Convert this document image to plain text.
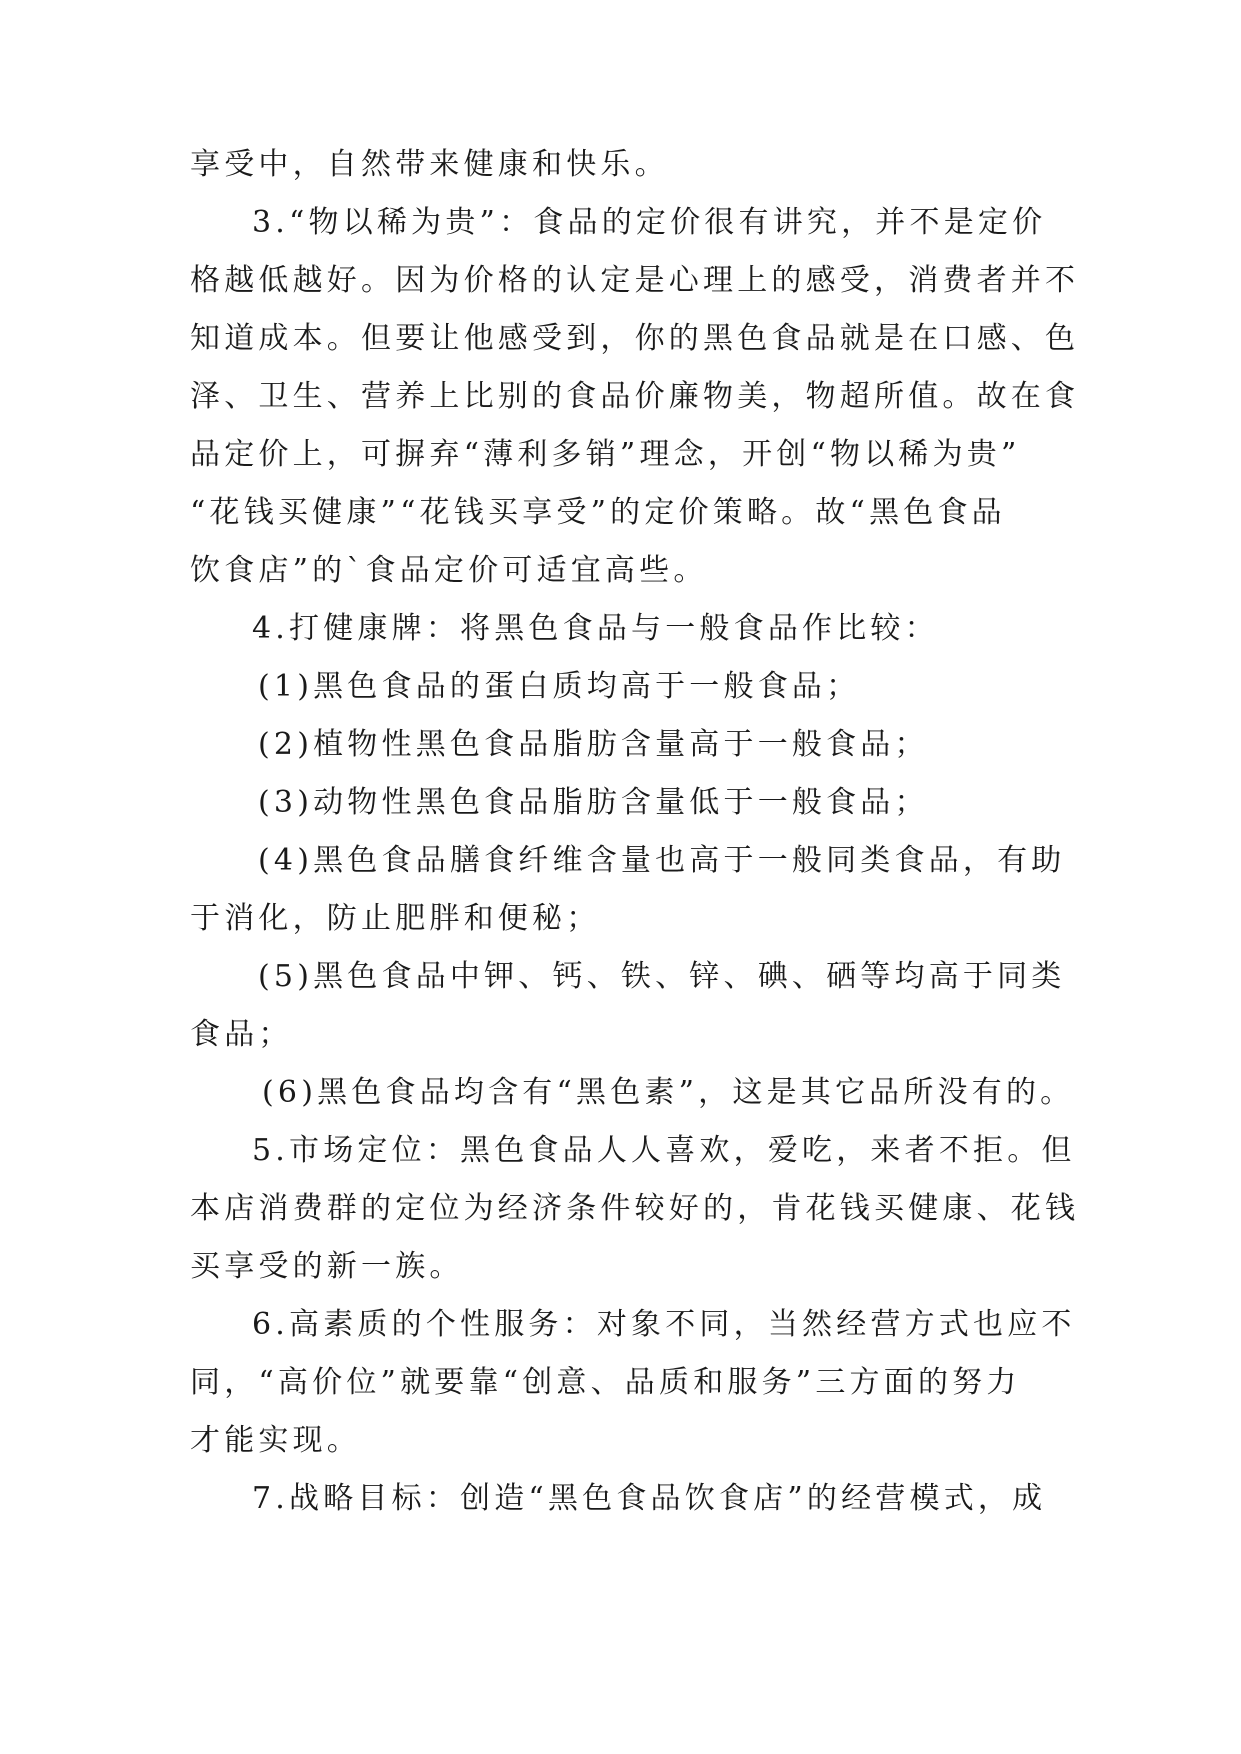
享受中，自然带来健康和快乐。
3.“物以稀为贵”：食品的定价很有讲究，并不是定价
格越低越好。因为价格的认定是心理上的感受，消费者并不
知道成本。但要让他感受到，你的黑色食品就是在口感、色
泽、卫生、营养上比别的食品价廉物美，物超所值。故在食
品定价上，可摒弃“薄利多销”理念，开创“物以稀为贵”
“花钱买健康”“花钱买享受”的定价策略。故“黑色食品
饮食店”的`食品定价可适宜高些。
4.打健康牌：将黑色食品与一般食品作比较：
(1)黑色食品的蛋白质均高于一般食品；
(2)植物性黑色食品脂肪含量高于一般食品；
(3)动物性黑色食品脂肪含量低于一般食品；
(4)黑色食品膳食纤维含量也高于一般同类食品，有助
于消化，防止肥胖和便秘；
(5)黑色食品中钾、钙、铁、锌、碘、硒等均高于同类
食品；
(6)黑色食品均含有“黑色素”，这是其它品所没有的。
5.市场定位：黑色食品人人喜欢，爱吃，来者不拒。但
本店消费群的定位为经济条件较好的，肯花钱买健康、花钱
买享受的新一族。
6.高素质的个性服务：对象不同，当然经营方式也应不
同，“高价位”就要靠“创意、品质和服务”三方面的努力
才能实现。
7.战略目标：创造“黑色食品饮食店”的经营模式，成
